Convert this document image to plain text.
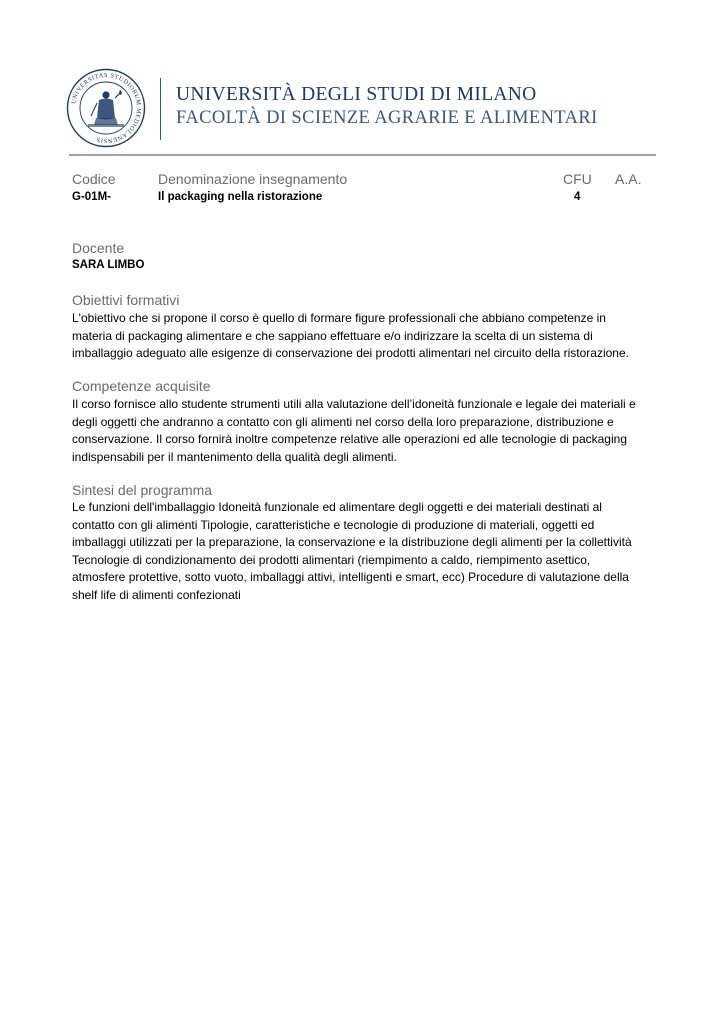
UNIVERSITAS STUDIORUM MEDIOLANENSIS
UNIVERSITÀ DEGLI STUDI DI MILANO
FACOLTÀ DI SCIENZE AGRARIE E ALIMENTARI
Codice	Denominazione insegnamento	CFU A.A.
G-01M-	Il packaging nella ristorazione	4
Docente
SARA LIMBO
Obiettivi formativi
L'obiettivo che si propone il corso è quello di formare figure professionali che abbiano competenze in
materia di packaging alimentare e che sappiano effettuare e/o indirizzare la scelta di un sistema di
imballaggio adeguato alle esigenze di conservazione dei prodotti alimentari nel circuito della ristorazione.
Competenze acquisite
Il corso fornisce allo studente strumenti utili alla valutazione dell’idoneità funzionale e legale dei materiali e
degli oggetti che andranno a contatto con gli alimenti nel corso della loro preparazione, distribuzione e
conservazione. Il corso fornirà inoltre competenze relative alle operazioni ed alle tecnologie di packaging
indispensabili per il mantenimento della qualità degli alimenti.
Sintesi del programma
Le funzioni dell'imballaggio Idoneità funzionale ed alimentare degli oggetti e dei materiali destinati al
contatto con gli alimenti Tipologie, caratteristiche e tecnologie di produzione di materiali, oggetti ed
imballaggi utilizzati per la preparazione, la conservazione e la distribuzione degli alimenti per la collettività
Tecnologie di condizionamento dei prodotti alimentari (riempimento a caldo, riempimento asettico,
atmosfere protettive, sotto vuoto, imballaggi attivi, intelligenti e smart, ecc) Procedure di valutazione della
shelf life di alimenti confezionati
